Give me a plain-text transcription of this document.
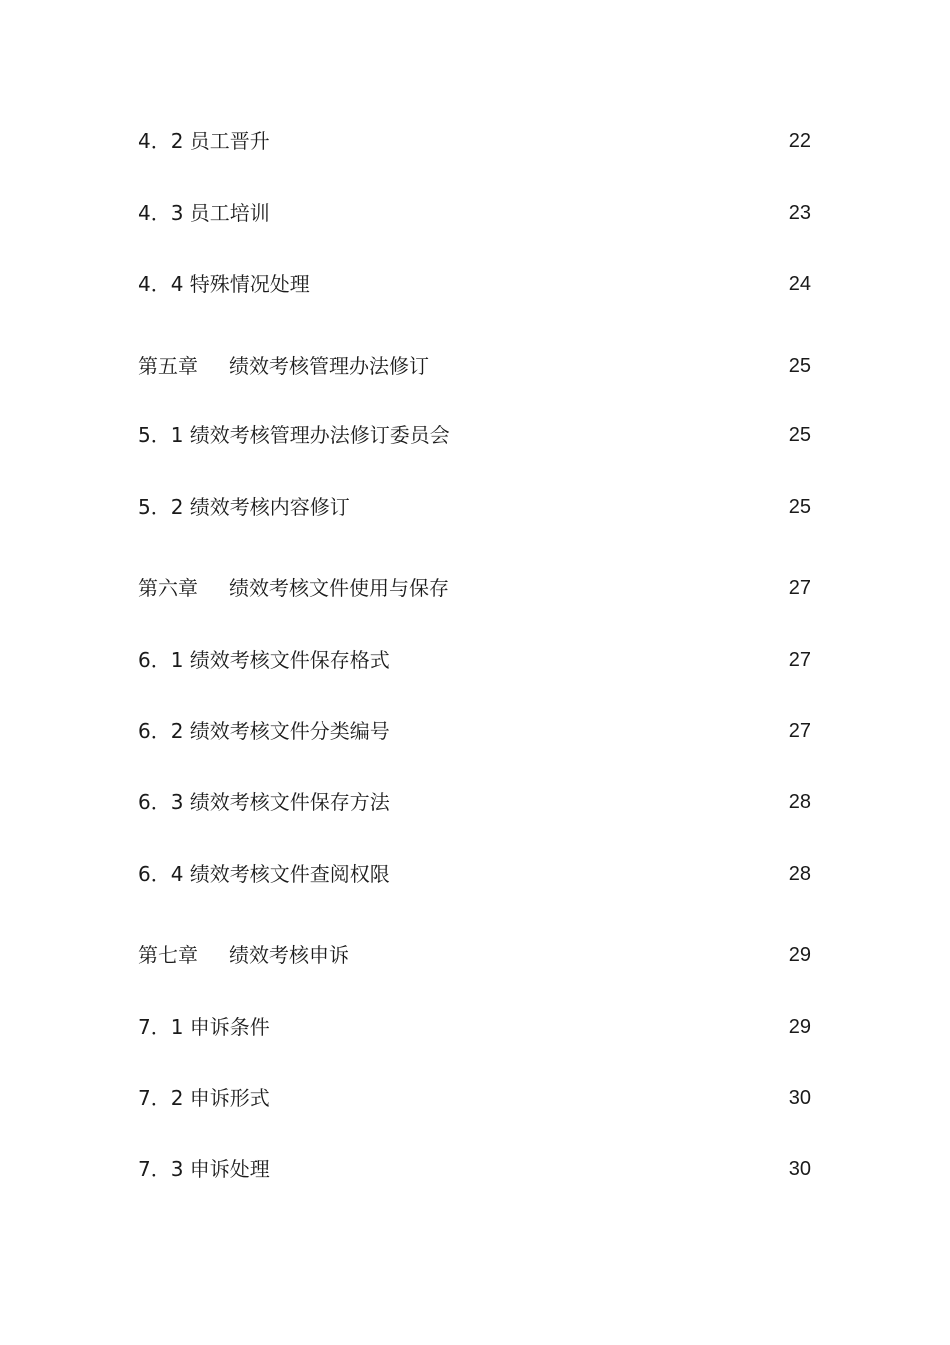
4．2 员工晋升	22
4．3 员工培训	23
4．4 特殊情况处理	24
第五章 绩效考核管理办法修订	25
5．1 绩效考核管理办法修订委员会	25
5．2 绩效考核内容修订	25
第六章 绩效考核文件使用与保存	27
6．1 绩效考核文件保存格式	27
6．2 绩效考核文件分类编号	27
6．3 绩效考核文件保存方法	28
6．4 绩效考核文件查阅权限	28
第七章 绩效考核申诉	29
7．1 申诉条件	29
7．2 申诉形式	30
7．3 申诉处理	30
